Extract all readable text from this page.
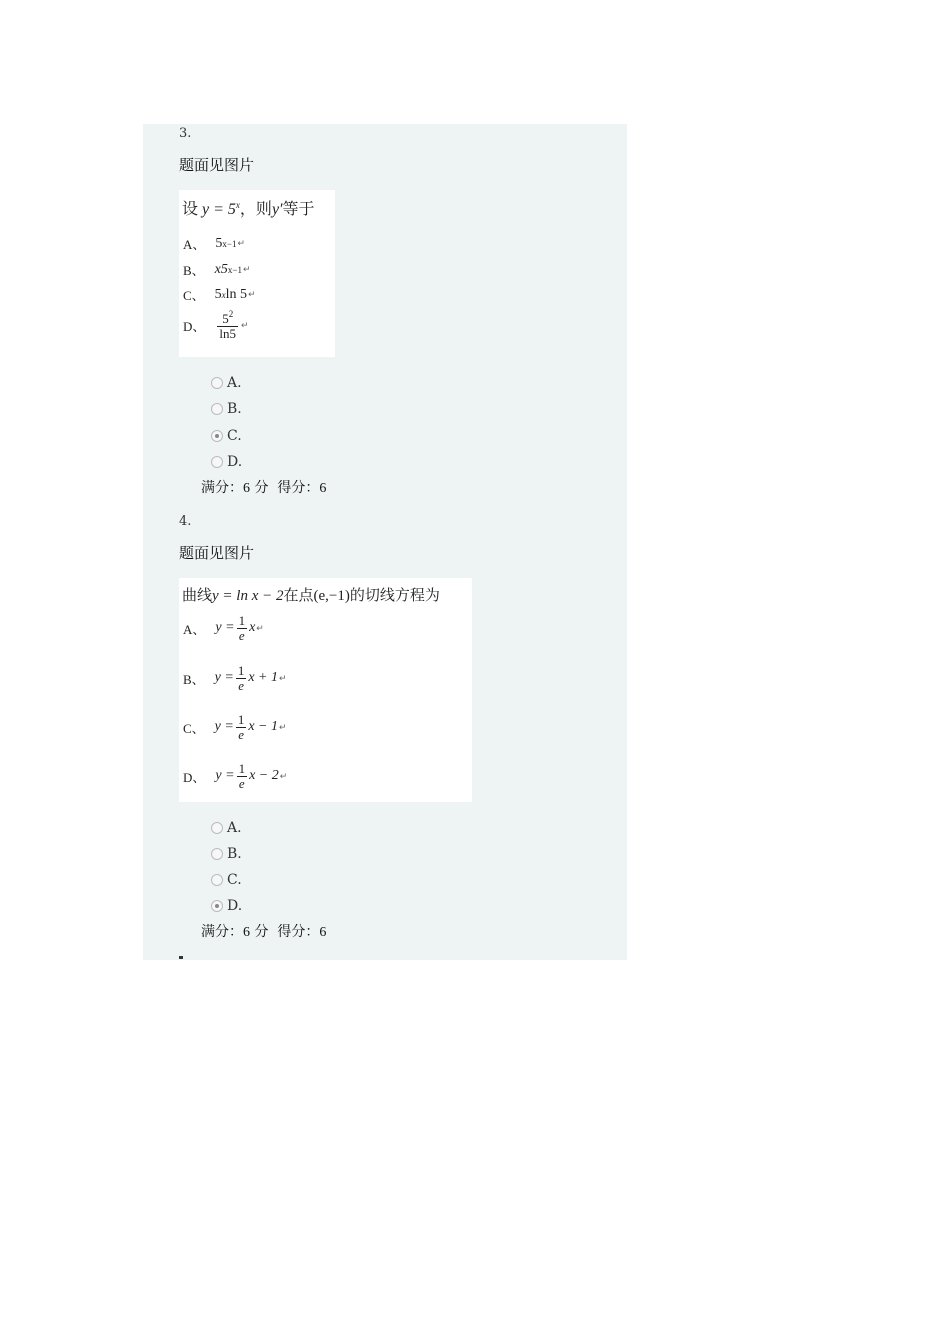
3.
题面见图片
设 $y = 5^x$，则y′等于
A、 5 x−1 ↵
B、 x5 x−1 ↵
C、 5 x ln 5 ↵
D、 $\frac{5^2}{\ln 5}$ ↵
A.
B.
C.
D.
满分：6 分 得分：6
4.
题面见图片
曲线y = ln x − 2在点(e,−1)的切线方程为
A、 $y = \frac{1}{e}$ x ↵
B、 $y = \frac{1}{e}$ x + 1 ↵
C、 $y = \frac{1}{e}$ x − 1 ↵
D、 $y = \frac{1}{e}$ x − 2 ↵
A.
B.
C.
D.
满分：6 分 得分：6
